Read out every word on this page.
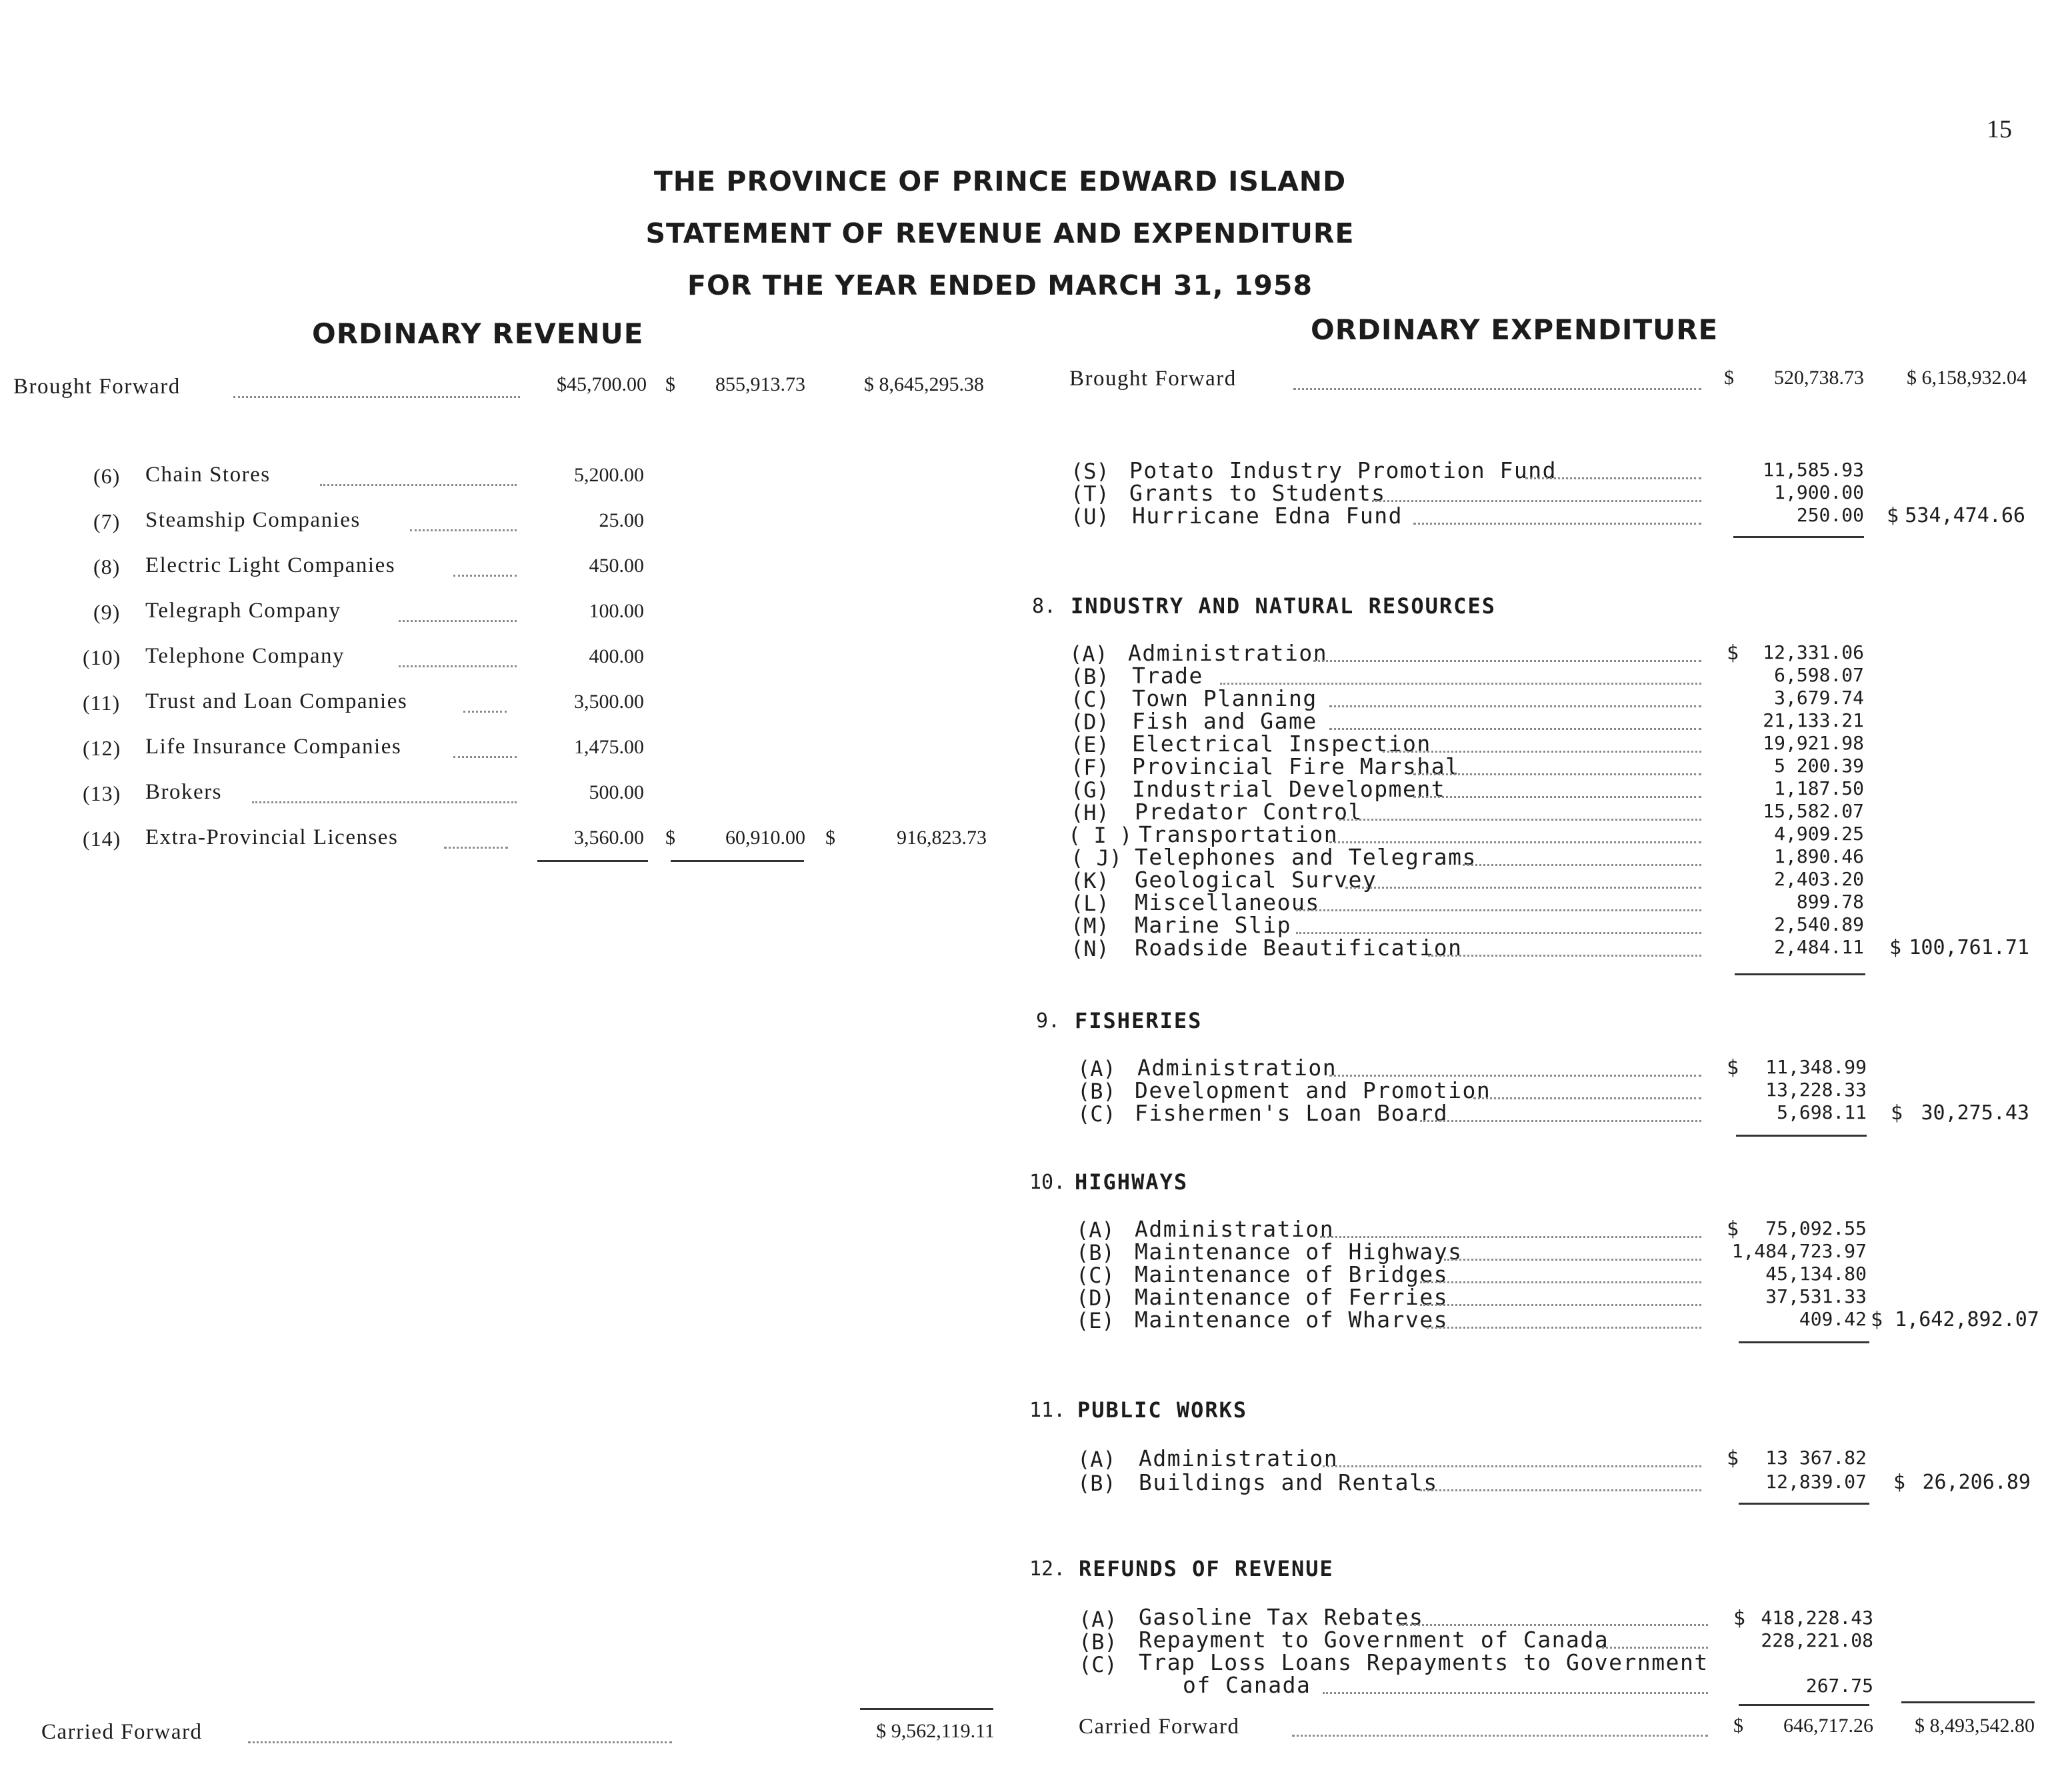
15
THE PROVINCE OF PRINCE EDWARD ISLAND
STATEMENT OF REVENUE AND EXPENDITURE
FOR THE YEAR ENDED MARCH 31, 1958
ORDINARY REVENUE
Brought Forward	$45,700.00 $	855,913.73	$ 8,645,295.38
(6) Chain Stores	5,200.00
(7) Steamship Companies	25.00
(8) Electric Light Companies	450.00
(9) Telegraph Company	100.00
(10) Telephone Company	400.00
(11) Trust and Loan Companies	3,500.00
(12) Life Insurance Companies	1,475.00
(13) Brokers	500.00
(14) Extra-Provincial Licenses	3,560.00 $	60,910.00 $	916,823.73
Carried Forward	$ 9,562,119.11
ORDINARY EXPENDITURE
Brought Forward	$	520,738.73	$ 6,158,932.04
(S) Potato Industry Promotion Fund	11,585.93
(T) Grants to Students	1,900.00
(U) Hurricane Edna Fund	250.00 $ 534,474.66
8. INDUSTRY AND NATURAL RESOURCES
(A) Administration	$	12,331.06
(B) Trade	6,598.07
(C) Town Planning	3,679.74
(D) Fish and Game	21,133.21
(E) Electrical Inspection	19,921.98
(F) Provincial Fire Marshal	5 200.39
(G) Industrial Development	1,187.50
(H) Predator Control	15,582.07
( I ) Transportation	4,909.25
( J) Telephones and Telegrams	1,890.46
(K) Geological Survey	2,403.20
(L) Miscellaneous	899.78
(M) Marine Slip	2,540.89
(N) Roadside Beautification	2,484.11 $ 100,761.71
9. FISHERIES
(A) Administration	$	11,348.99
(B) Development and Promotion	13,228.33
(C) Fishermen's Loan Board	5,698.11 $ 30,275.43
10. HIGHWAYS
(A) Administration	$	75,092.55
(B) Maintenance of Highways	1,484,723.97
(C) Maintenance of Bridges	45,134.80
(D) Maintenance of Ferries	37,531.33
(E) Maintenance of Wharves	409.42 $ 1,642,892.07
11. PUBLIC WORKS
(A) Administration	$	13 367.82
(B) Buildings and Rentals	12,839.07 $ 26,206.89
12. REFUNDS OF REVENUE
(A) Gasoline Tax Rebates	$ 418,228.43
(B) Repayment to Government of Canada	228,221.08
(C) Trap Loss Loans Repayments to Government
of Canada	267.75
Carried Forward	$	646,717.26	$ 8,493,542.80
